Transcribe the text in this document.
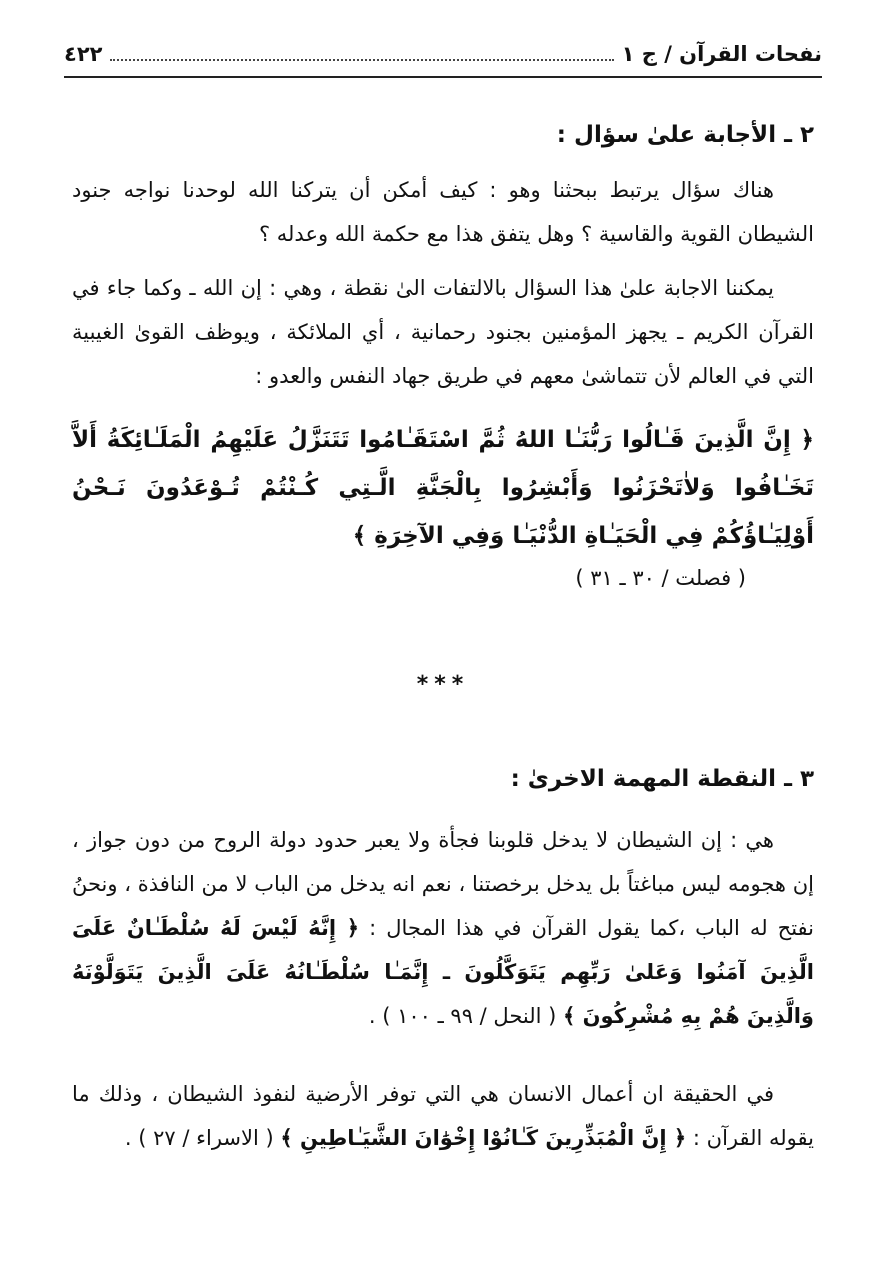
نفحات القرآن / ج ١
٤٢٢
٢ ـ الأجابة علىٰ سؤال :
هناك سؤال يرتبط ببحثنا وهو : كيف أمكن أن يتركنا الله لوحدنا نواجه جنود الشيطان القوية والقاسية ؟ وهل يتفق هذا مع حكمة الله وعدله ؟
يمكننا الاجابة علىٰ هذا السؤال بالالتفات الىٰ نقطة ، وهي : إن الله ـ وكما جاء في القرآن الكريم ـ يجهز المؤمنين بجنود رحمانية ، أي الملائكة ، ويوظف القوىٰ الغيبية التي في العالم لأن تتماشىٰ معهم في طريق جهاد النفس والعدو :
﴿ إِنَّ الَّذِينَ قَـٰالُوا رَبُّنَـٰا اللهُ ثُمَّ اسْتَقَـٰامُوا تَتَنَزَّلُ عَلَيْهِمُ الْمَلَـٰائِكَةُ أَلاَّ تَخَـٰافُوا وَلاٰتَحْزَنُوا وَأَبْشِرُوا بِالْجَنَّةِ الَّـتِي كُـنْتُمْ تُـوْعَدُونَ نَـحْنُ أَوْلِيَـٰاؤُكُمْ فِي الْحَيَـٰاةِ الدُّنْيَـٰا وَفِي الآخِرَةِ ﴾
( فصلت / ٣٠ ـ ٣١ )
***
٣ ـ النقطة المهمة الاخرىٰ :
هي : إن الشيطان لا يدخل قلوبنا فجأة ولا يعبر حدود دولة الروح من دون جواز ، إن هجومه ليس مباغتاً بل يدخل برخصتنا ، نعم انه يدخل من الباب لا من النافذة ، ونحنُ نفتح له الباب ،كما يقول القرآن في هذا المجال : ﴿ إِنَّهُ لَيْسَ لَهُ سُلْطَـٰانٌ عَلَىَ الَّذِينَ آمَنُوا وَعَلىٰ رَبِّهِم يَتَوَكَّلُونَ ـ إِنَّمَـٰا سُلْطَـٰانُهُ عَلَىَ الَّذِينَ يَتَوَلَّوْنَهُ وَالَّذِينَ هُمْ بِهِ مُشْرِكُونَ ﴾ ( النحل / ٩٩ ـ ١٠٠ ) .
في الحقيقة ان أعمال الانسان هي التي توفر الأرضية لنفوذ الشيطان ، وذلك ما يقوله القرآن : ﴿ إِنَّ الْمُبَذِّرِينَ كَـٰانُوْا إِخْوَٰانَ الشَّيَـٰاطِينِ ﴾ ( الاسراء / ٢٧ ) .
